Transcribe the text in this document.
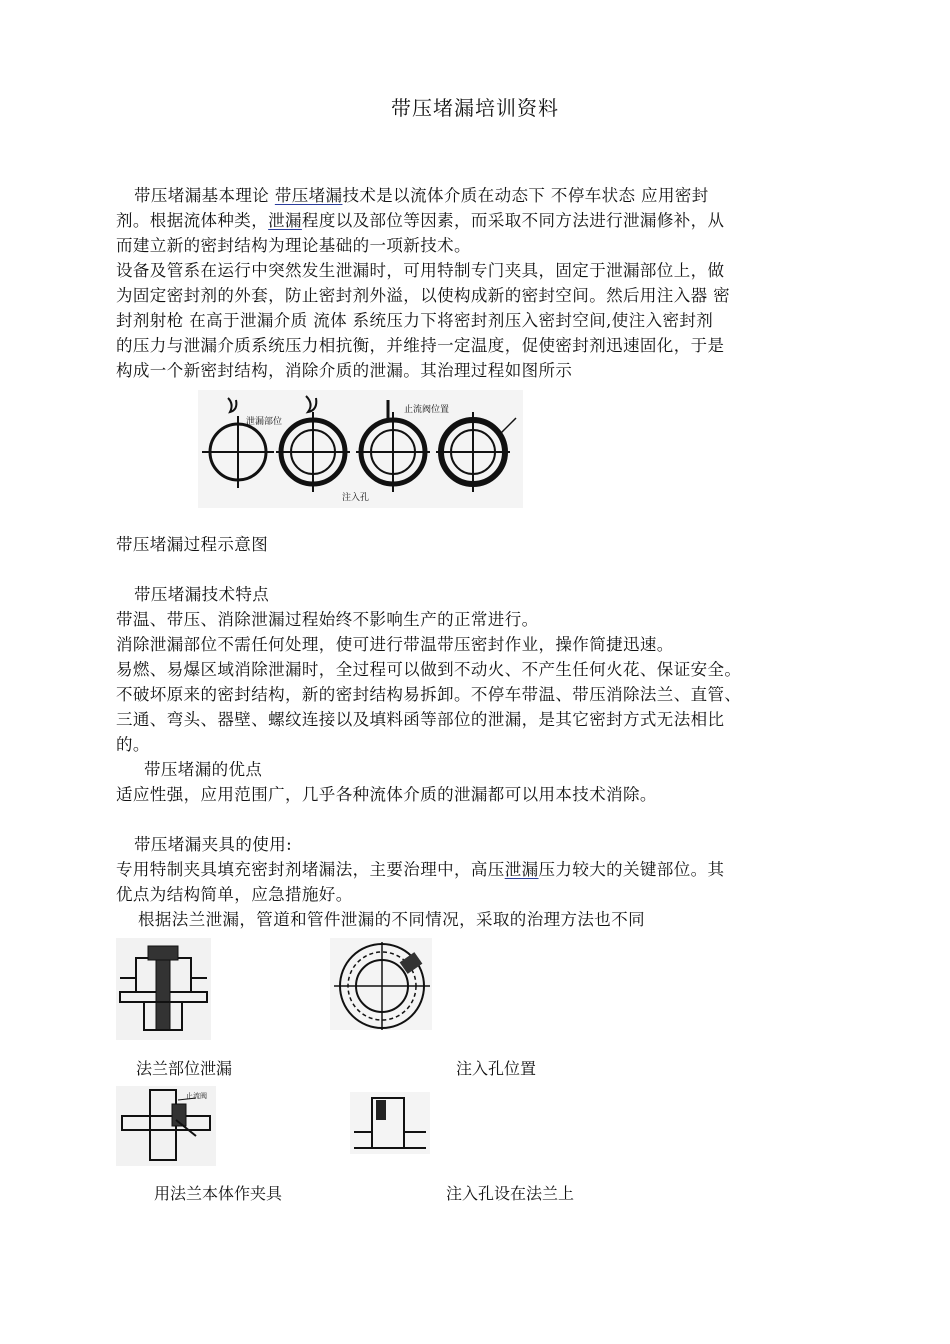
带压堵漏培训资料
带压堵漏基本理论 带压堵漏技术是以流体介质在动态下 不停车状态 应用密封
剂。根据流体种类，泄漏程度以及部位等因素，而采取不同方法进行泄漏修补，从
而建立新的密封结构为理论基础的一项新技术。
设备及管系在运行中突然发生泄漏时，可用特制专门夹具，固定于泄漏部位上，做
为固定密封剂的外套，防止密封剂外溢，以使构成新的密封空间。然后用注入器 密
封剂射枪 在高于泄漏介质 流体 系统压力下将密封剂压入密封空间,使注入密封剂
的压力与泄漏介质系统压力相抗衡，并维持一定温度，促使密封剂迅速固化，于是
构成一个新密封结构，消除介质的泄漏。其治理过程如图所示
泄漏部位
止流阀位置
注入孔
带压堵漏过程示意图
带压堵漏技术特点
带温、带压、消除泄漏过程始终不影响生产的正常进行。
消除泄漏部位不需任何处理，使可进行带温带压密封作业，操作简捷迅速。
易燃、易爆区域消除泄漏时，全过程可以做到不动火、不产生任何火花、保证安全。
不破坏原来的密封结构，新的密封结构易拆卸。不停车带温、带压消除法兰、直管、
三通、弯头、器壁、螺纹连接以及填料函等部位的泄漏，是其它密封方式无法相比
的。
带压堵漏的优点
适应性强，应用范围广，几乎各种流体介质的泄漏都可以用本技术消除。
带压堵漏夹具的使用:
专用特制夹具填充密封剂堵漏法，主要治理中，高压泄漏压力较大的关键部位。其
优点为结构简单，应急措施好。
根据法兰泄漏，管道和管件泄漏的不同情况，采取的治理方法也不同
法兰部位泄漏	注入孔位置
止流阀
用法兰本体作夹具	注入孔设在法兰上
